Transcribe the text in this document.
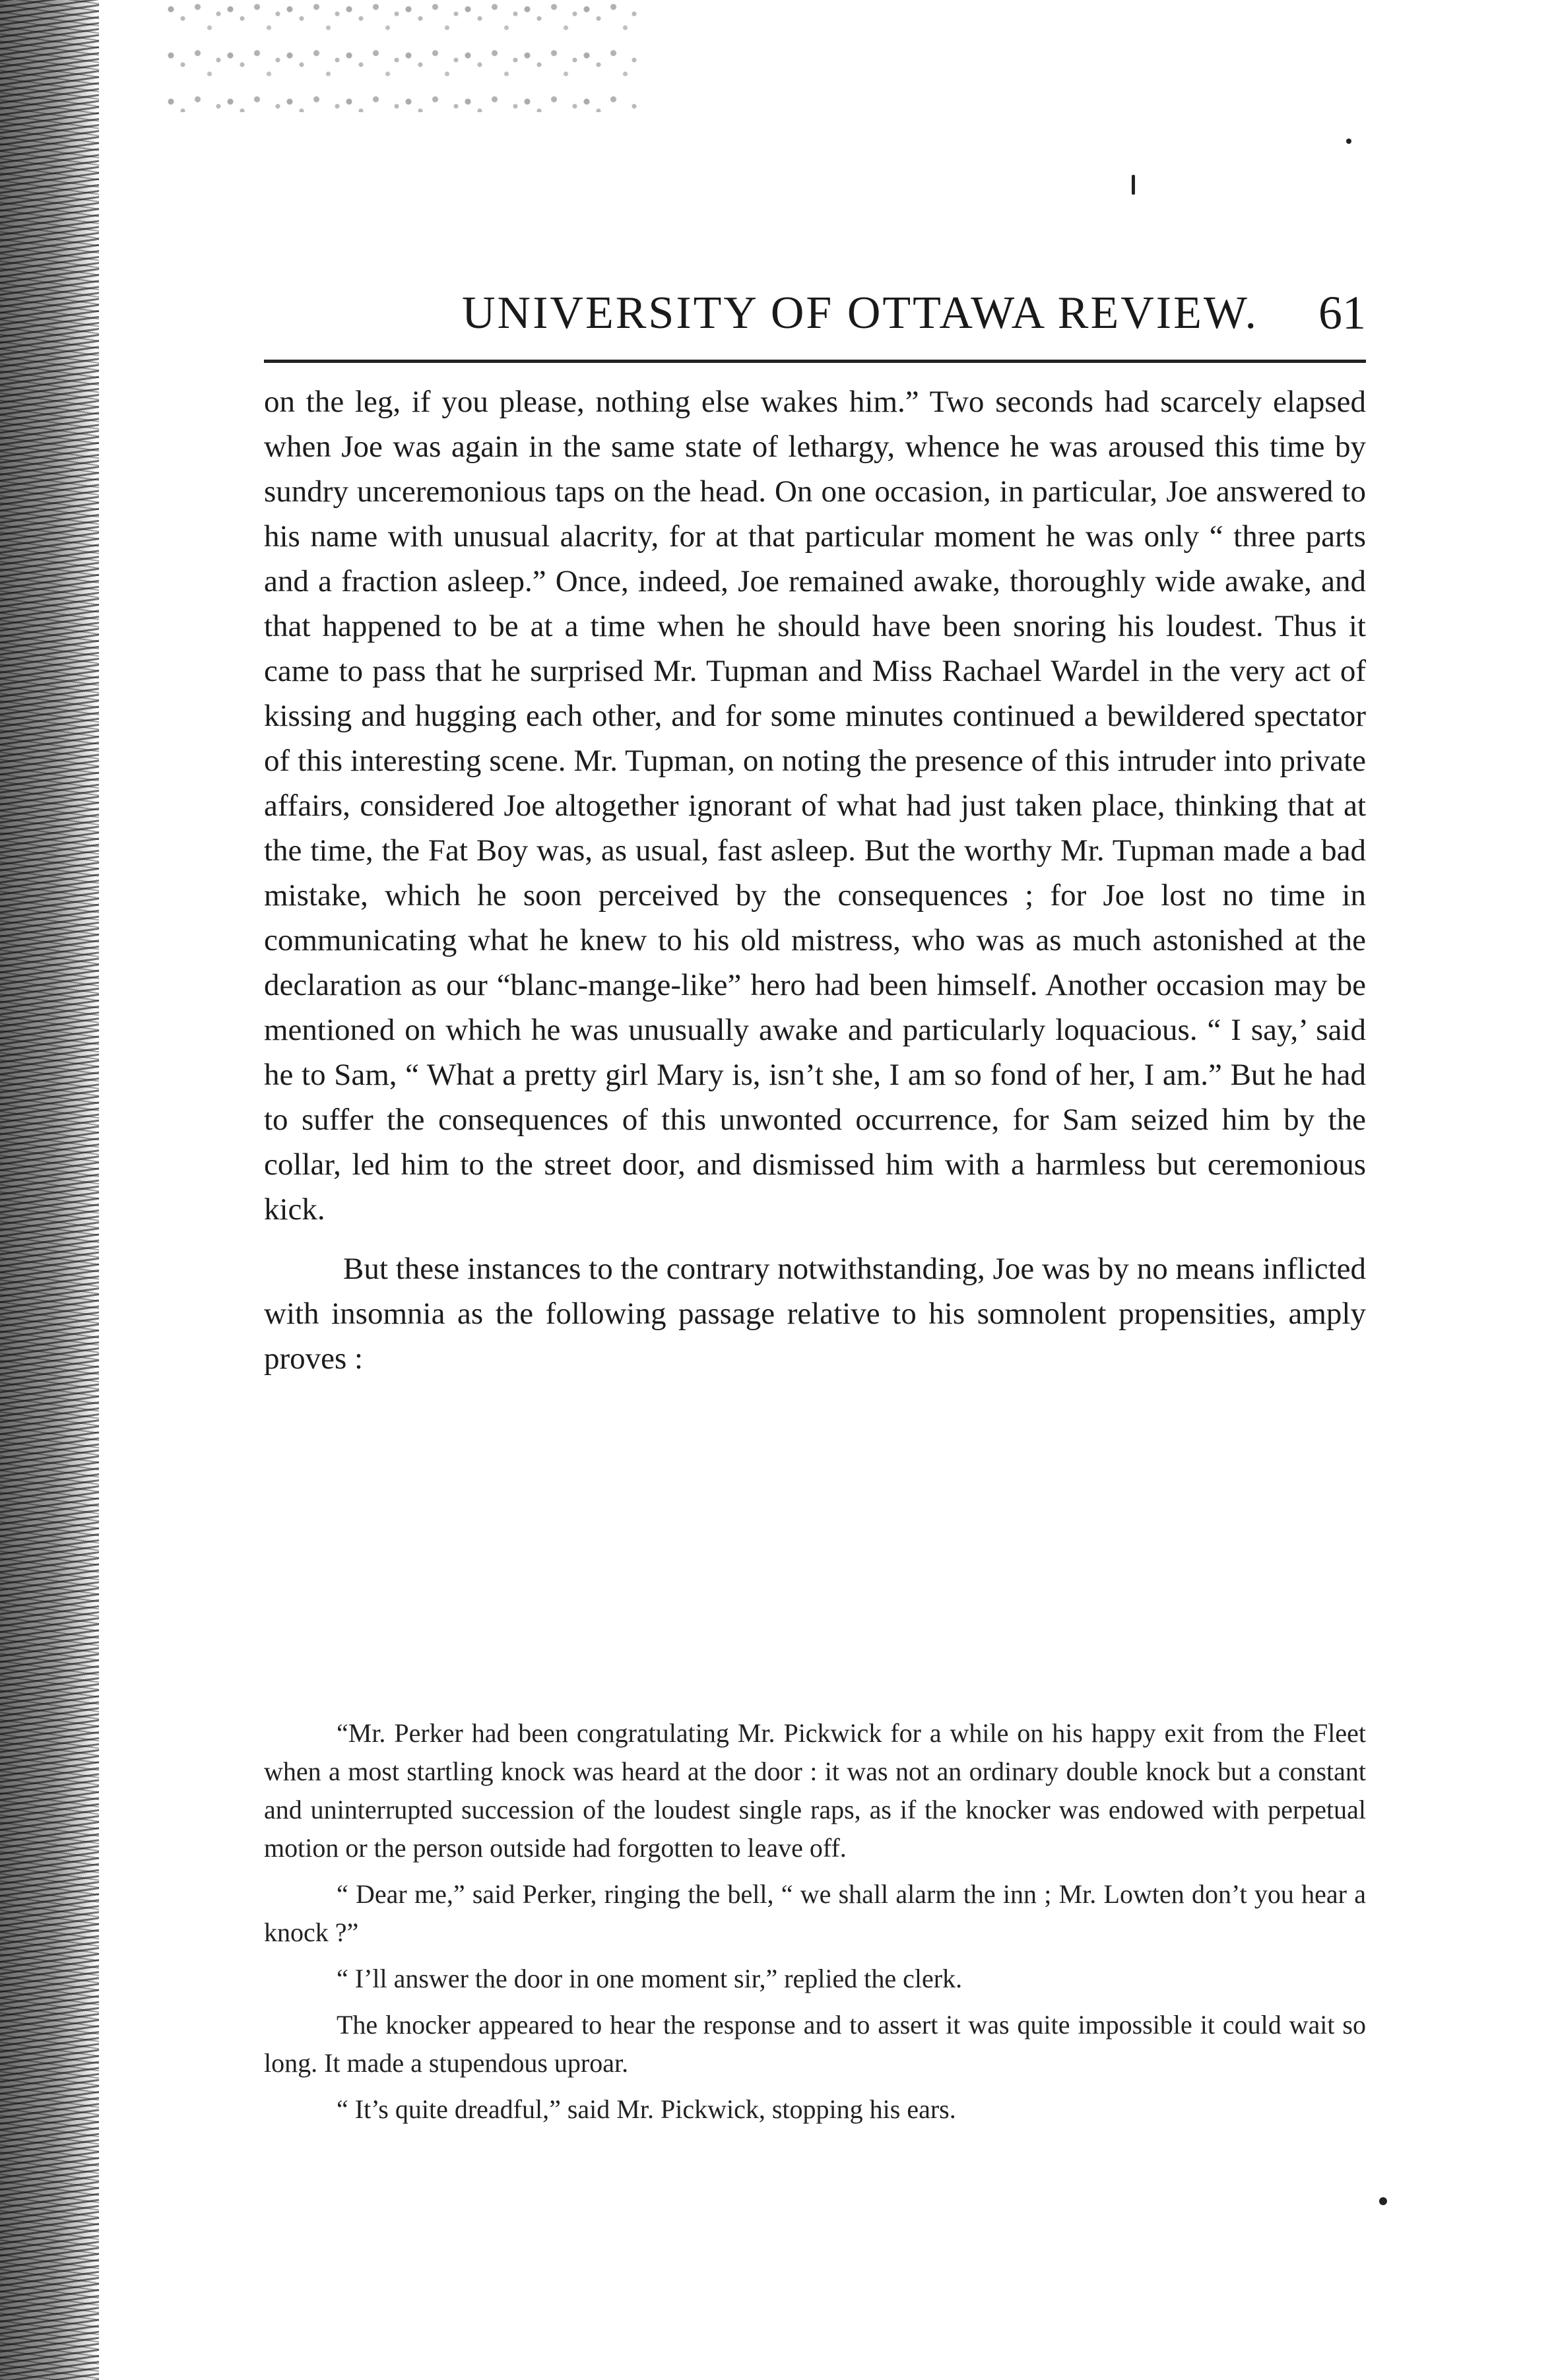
UNIVERSITY OF OTTAWA REVIEW. 61

on the leg, if you please, nothing else wakes him.” Two seconds had scarcely elapsed when Joe was again in the same state of lethargy, whence he was aroused this time by sundry unceremonious taps on the head. On one occasion, in particular, Joe answered to his name with unusual alacrity, for at that particular moment he was only “ three parts and a fraction asleep.” Once, indeed, Joe remained awake, thoroughly wide awake, and that happened to be at a time when he should have been snoring his loudest. Thus it came to pass that he surprised Mr. Tupman and Miss Rachael Wardel in the very act of kissing and hugging each other, and for some minutes continued a bewildered spectator of this interesting scene. Mr. Tupman, on noting the presence of this intruder into private affairs, considered Joe altogether ignorant of what had just taken place, thinking that at the time, the Fat Boy was, as usual, fast asleep. But the worthy Mr. Tupman made a bad mistake, which he soon perceived by the consequences ; for Joe lost no time in communicating what he knew to his old mistress, who was as much astonished at the declaration as our “blanc-mange-like” hero had been himself. Another occasion may be mentioned on which he was unusually awake and particularly loquacious. “ I say,’ said he to Sam, “ What a pretty girl Mary is, isn’t she, I am so fond of her, I am.” But he had to suffer the consequences of this unwonted occurrence, for Sam seized him by the collar, led him to the street door, and dismissed him with a harmless but ceremonious kick.

But these instances to the contrary notwithstanding, Joe was by no means inflicted with insomnia as the following passage relative to his somnolent propensities, amply proves :

“Mr. Perker had been congratulating Mr. Pickwick for a while on his happy exit from the Fleet when a most startling knock was heard at the door : it was not an ordinary double knock but a constant and uninterrupted succession of the loudest single raps, as if the knocker was endowed with perpetual motion or the person outside had forgotten to leave off.

“ Dear me,” said Perker, ringing the bell, “ we shall alarm the inn ; Mr. Lowten don’t you hear a knock ?”

“ I’ll answer the door in one moment sir,” replied the clerk.

The knocker appeared to hear the response and to assert it was quite impossible it could wait so long. It made a stupendous uproar.

“ It’s quite dreadful,” said Mr. Pickwick, stopping his ears.
